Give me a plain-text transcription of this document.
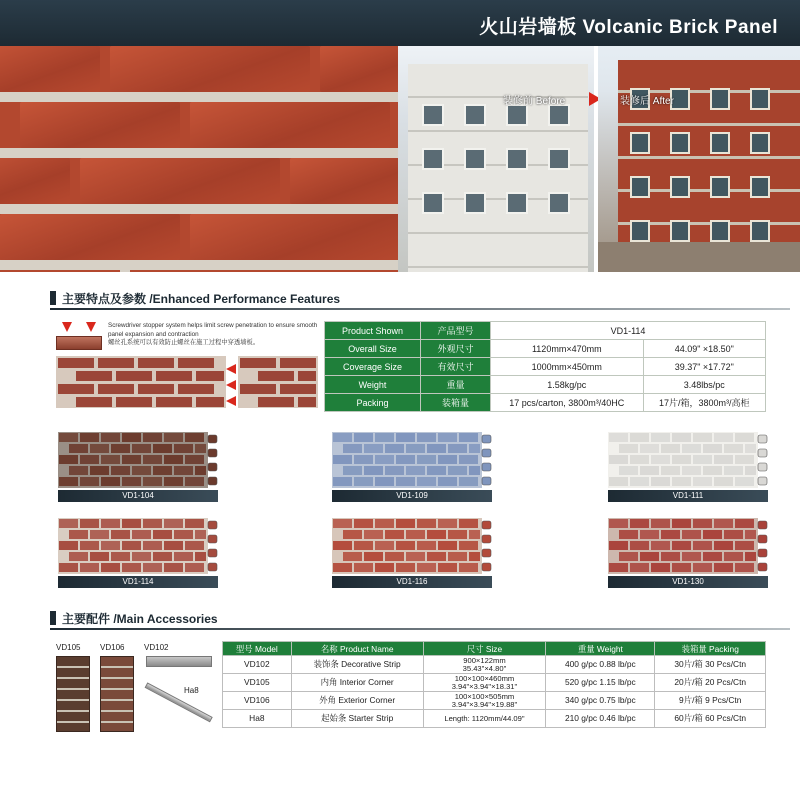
火山岩墙板 Volcanic Brick Panel
装修前 Before	装修后 After
主要特点及参数 /Enhanced Performance Features
Screwdriver stopper system helps limit screw penetration to ensure smooth panel expansion and contraction
螺丝孔系统可以有效防止螺丝在施工过程中穿透墙板。
Product Shown	产品型号	VD1-114	
Overall Size	外观尺寸	1120mm×470mm	44.09" ×18.50"
Coverage Size	有效尺寸	1000mm×450mm	39.37" ×17.72"
Weight	重量	1.58kg/pc	3.48lbs/pc
Packing	装箱量	17 pcs/carton, 3800m³/40HC	17片/箱，3800m³/高柜
VD1-104	VD1-109	VD1-111
VD1-114	VD1-116	VD1-130
主要配件 /Main Accessories
VD105 VD106 VD102
Ha8
型号 Model	名称 Product Name	尺寸 Size	重量 Weight	装箱量 Packing
VD102	装饰条 Decorative Strip	900×122mm
35.43"×4.80"	400 g/pc 0.88 lb/pc	30片/箱 30 Pcs/Ctn
VD105	内角 Interior Corner	100×100×460mm
3.94"×3.94"×18.31"	520 g/pc 1.15 lb/pc	20片/箱 20 Pcs/Ctn
VD106	外角 Exterior Corner	100×100×505mm
3.94"×3.94"×19.88"	340 g/pc 0.75 lb/pc	9片/箱 9 Pcs/Ctn
Ha8	起始条 Starter Strip	Length: 1120mm/44.09"	210 g/pc 0.46 lb/pc	60片/箱 60 Pcs/Ctn
